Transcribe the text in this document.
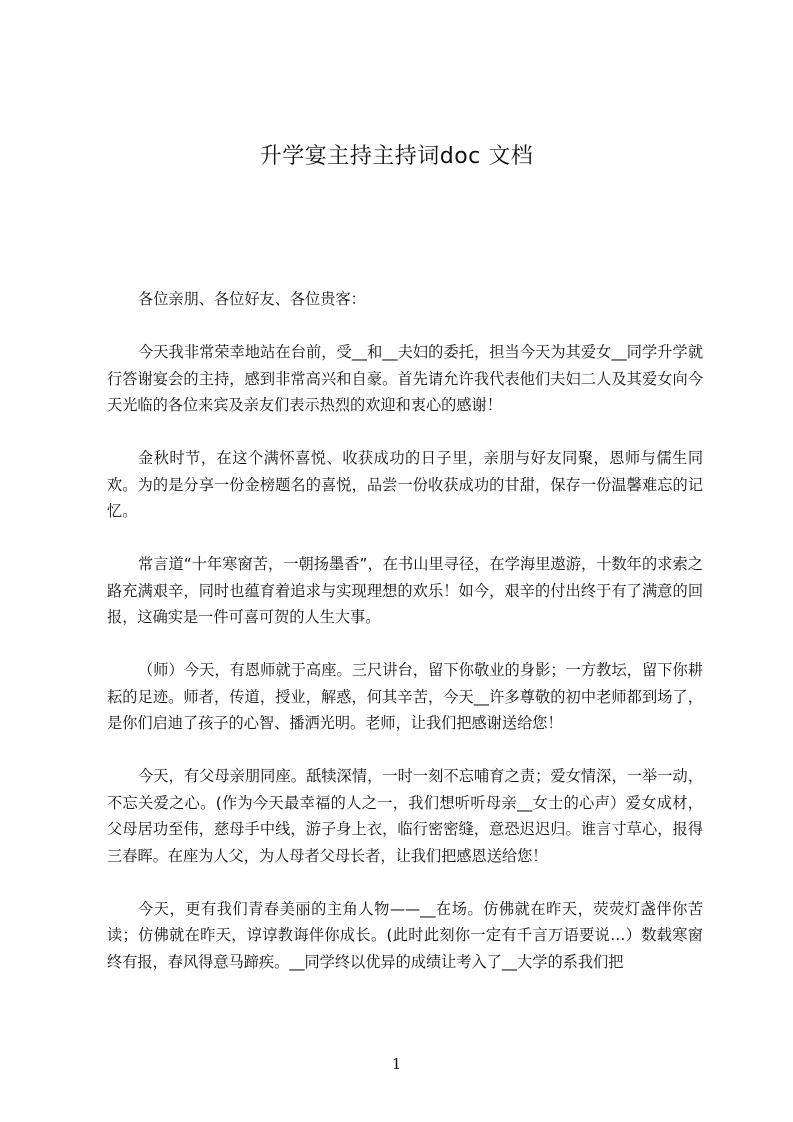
升学宴主持主持词doc 文档

各位亲朋、各位好友、各位贵客：

今天我非常荣幸地站在台前，受__和__夫妇的委托，担当今天为其爱女__同学升学就行答谢宴会的主持，感到非常高兴和自豪。首先请允许我代表他们夫妇二人及其爱女向今天光临的各位来宾及亲友们表示热烈的欢迎和衷心的感谢！

金秋时节，在这个满怀喜悦、收获成功的日子里，亲朋与好友同聚，恩师与儒生同欢。为的是分享一份金榜题名的喜悦，品尝一份收获成功的甘甜，保存一份温馨难忘的记忆。

常言道“十年寒窗苦，一朝扬墨香”，在书山里寻径，在学海里遨游，十数年的求索之路充满艰辛，同时也蕴育着追求与实现理想的欢乐！如今，艰辛的付出终于有了满意的回报，这确实是一件可喜可贺的人生大事。

（师）今天，有恩师就于高座。三尺讲台，留下你敬业的身影；一方教坛，留下你耕耘的足迹。师者，传道，授业，解惑，何其辛苦，今天__许多尊敬的初中老师都到场了，是你们启迪了孩子的心智、播洒光明。老师，让我们把感谢送给您！

今天，有父母亲朋同座。舐犊深情，一时一刻不忘哺育之责；爱女情深，一举一动，不忘关爱之心。(作为今天最幸福的人之一，我们想听听母亲__女士的心声）爱女成材，父母居功至伟，慈母手中线，游子身上衣，临行密密缝，意恐迟迟归。谁言寸草心，报得三春晖。在座为人父，为人母者父母长者，让我们把感恩送给您！

今天，更有我们青春美丽的主角人物——__在场。仿佛就在昨天，荧荧灯盏伴你苦读；仿佛就在昨天，谆谆教诲伴你成长。(此时此刻你一定有千言万语要说…）数载寒窗终有报，春风得意马蹄疾。__同学终以优异的成绩让考入了__大学的系我们把

1
